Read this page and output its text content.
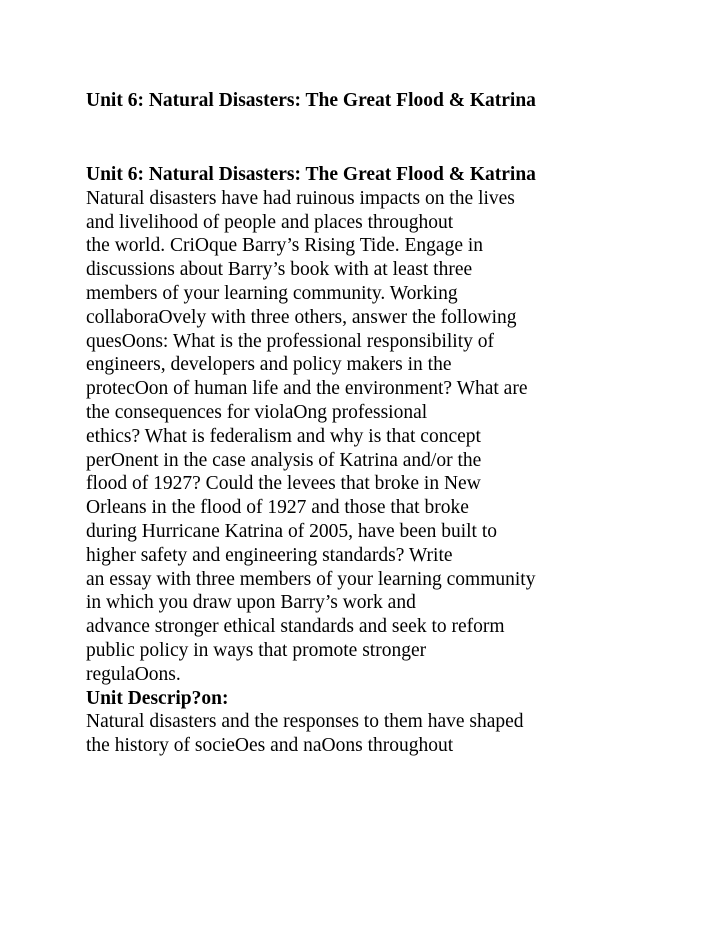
Unit 6: Natural Disasters: The Great Flood & Katrina
Unit 6: Natural Disasters: The Great Flood & Katrina
Natural disasters have had ruinous impacts on the lives
and livelihood of people and places throughout
the world. CriOque Barry’s Rising Tide. Engage in
discussions about Barry’s book with at least three
members of your learning community. Working
collaboraOvely with three others, answer the following
quesOons: What is the professional responsibility of
engineers, developers and policy makers in the
protecOon of human life and the environment? What are
the consequences for violaOng professional
ethics? What is federalism and why is that concept
perOnent in the case analysis of Katrina and/or the
flood of 1927? Could the levees that broke in New
Orleans in the flood of 1927 and those that broke
during Hurricane Katrina of 2005, have been built to
higher safety and engineering standards? Write
an essay with three members of your learning community
in which you draw upon Barry’s work and
advance stronger ethical standards and seek to reform
public policy in ways that promote stronger
regulaOons.
Unit Descrip?on:
Natural disasters and the responses to them have shaped
the history of socieOes and naOons throughout
